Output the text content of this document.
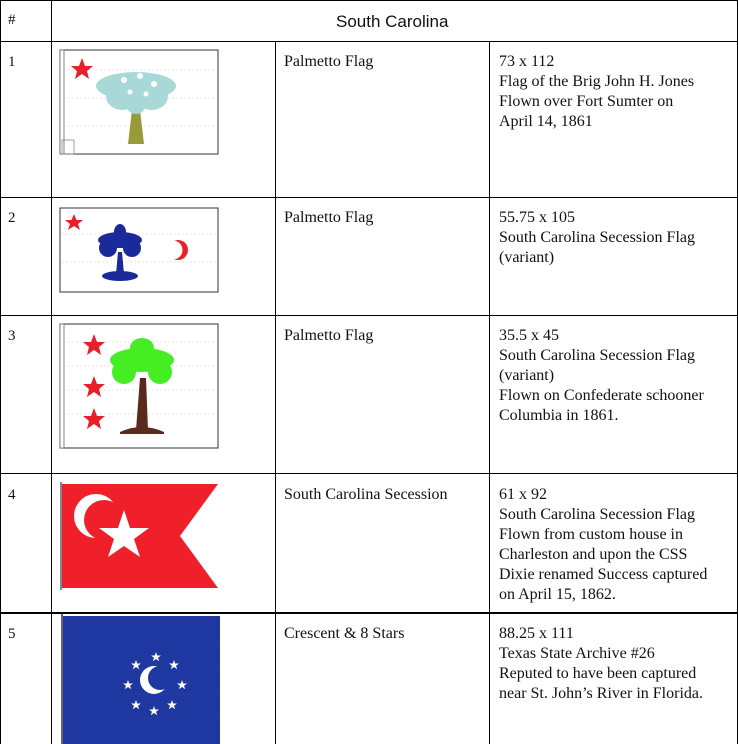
#	South Carolina
1	Palmetto Flag	73 x 112
Flag of the Brig John H. Jones
Flown over Fort Sumter on
April 14, 1861
2	Palmetto Flag	55.75 x 105
South Carolina Secession Flag
(variant)
3	Palmetto Flag	35.5 x 45
South Carolina Secession Flag
(variant)
Flown on Confederate schooner
Columbia in 1861.
4	South Carolina Secession	61 x 92
South Carolina Secession Flag
Flown from custom house in
Charleston and upon the CSS
Dixie renamed Success captured
on April 15, 1862.
5	Crescent & 8 Stars	88.25 x 111
Texas State Archive #26
Reputed to have been captured
near St. John’s River in Florida.
